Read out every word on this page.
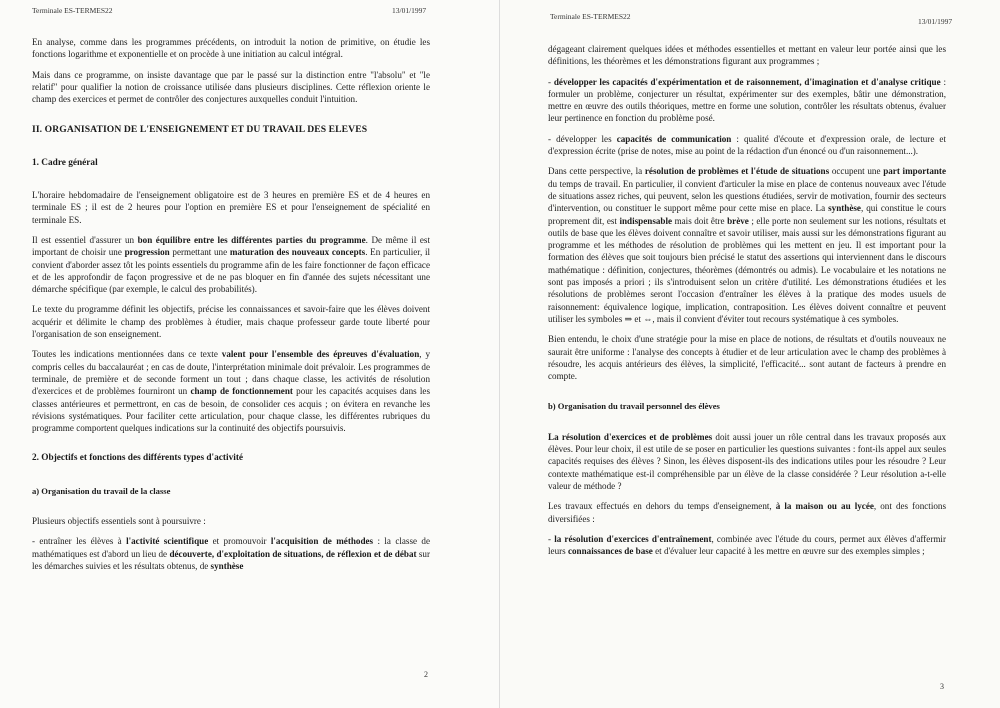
Terminale ES-TERMES22	13/01/1997

En analyse, comme dans les programmes précédents, on introduit la notion de primitive, on étudie les fonctions logarithme et exponentielle et on procède à une initiation au calcul intégral.

Mais dans ce programme, on insiste davantage que par le passé sur la distinction entre "l'absolu" et "le relatif" pour qualifier la notion de croissance utilisée dans plusieurs disciplines. Cette réflexion oriente le champ des exercices et permet de contrôler des conjectures auxquelles conduit l'intuition.

II. ORGANISATION DE L'ENSEIGNEMENT ET DU TRAVAIL DES ELEVES
1. Cadre général

L'horaire hebdomadaire de l'enseignement obligatoire est de 3 heures en première ES et de 4 heures en terminale ES ; il est de 2 heures pour l'option en première ES et pour l'enseignement de spécialité en terminale ES.

Il est essentiel d'assurer un bon équilibre entre les différentes parties du programme. De même il est important de choisir une progression permettant une maturation des nouveaux concepts. En particulier, il convient d'aborder assez tôt les points essentiels du programme afin de les faire fonctionner de façon efficace et de les approfondir de façon progressive et de ne pas bloquer en fin d'année des sujets nécessitant une démarche spécifique (par exemple, le calcul des probabilités).

Le texte du programme définit les objectifs, précise les connaissances et savoir-faire que les élèves doivent acquérir et délimite le champ des problèmes à étudier, mais chaque professeur garde toute liberté pour l'organisation de son enseignement.

Toutes les indications mentionnées dans ce texte valent pour l'ensemble des épreuves d'évaluation, y compris celles du baccalauréat ; en cas de doute, l'interprétation minimale doit prévaloir. Les programmes de terminale, de première et de seconde forment un tout ; dans chaque classe, les activités de résolution d'exercices et de problèmes fourniront un champ de fonctionnement pour les capacités acquises dans les classes antérieures et permettront, en cas de besoin, de consolider ces acquis ; on évitera en revanche les révisions systématiques. Pour faciliter cette articulation, pour chaque classe, les différentes rubriques du programme comportent quelques indications sur la continuité des objectifs poursuivis.

2. Objectifs et fonctions des différents types d'activité
a) Organisation du travail de la classe

Plusieurs objectifs essentiels sont à poursuivre :

- entraîner les élèves à l'activité scientifique et promouvoir l'acquisition de méthodes : la classe de mathématiques est d'abord un lieu de découverte, d'exploitation de situations, de réflexion et de débat sur les démarches suivies et les résultats obtenus, de synthèse

2
Terminale ES-TERMES22
13/01/1997

dégageant clairement quelques idées et méthodes essentielles et mettant en valeur leur portée ainsi que les définitions, les théorèmes et les démonstrations figurant aux programmes ;

- développer les capacités d'expérimentation et de raisonnement, d'imagination et d'analyse critique : formuler un problème, conjecturer un résultat, expérimenter sur des exemples, bâtir une démonstration, mettre en œuvre des outils théoriques, mettre en forme une solution, contrôler les résultats obtenus, évaluer leur pertinence en fonction du problème posé.

- développer les capacités de communication : qualité d'écoute et d'expression orale, de lecture et d'expression écrite (prise de notes, mise au point de la rédaction d'un énoncé ou d'un raisonnement...).

Dans cette perspective, la résolution de problèmes et l'étude de situations occupent une part importante du temps de travail. En particulier, il convient d'articuler la mise en place de contenus nouveaux avec l'étude de situations assez riches, qui peuvent, selon les questions étudiées, servir de motivation, fournir des secteurs d'intervention, ou constituer le support même pour cette mise en place. La synthèse, qui constitue le cours proprement dit, est indispensable mais doit être brève ; elle porte non seulement sur les notions, résultats et outils de base que les élèves doivent connaître et savoir utiliser, mais aussi sur les démonstrations figurant au programme et les méthodes de résolution de problèmes qui les mettent en jeu. Il est important pour la formation des élèves que soit toujours bien précisé le statut des assertions qui interviennent dans le discours mathématique : définition, conjectures, théorèmes (démontrés ou admis). Le vocabulaire et les notations ne sont pas imposés a priori ; ils s'introduisent selon un critère d'utilité. Les démonstrations étudiées et les résolutions de problèmes seront l'occasion d'entraîner les élèves à la pratique des modes usuels de raisonnement: équivalence logique, implication, contraposition. Les élèves doivent connaître et peuvent utiliser les symboles ⇒ et ⇔, mais il convient d'éviter tout recours systématique à ces symboles.

Bien entendu, le choix d'une stratégie pour la mise en place de notions, de résultats et d'outils nouveaux ne saurait être uniforme : l'analyse des concepts à étudier et de leur articulation avec le champ des problèmes à résoudre, les acquis antérieurs des élèves, la simplicité, l'efficacité... sont autant de facteurs à prendre en compte.

b) Organisation du travail personnel des élèves

La résolution d'exercices et de problèmes doit aussi jouer un rôle central dans les travaux proposés aux élèves. Pour leur choix, il est utile de se poser en particulier les questions suivantes : font-ils appel aux seules capacités requises des élèves ? Sinon, les élèves disposent-ils des indications utiles pour les résoudre ? Leur contexte mathématique est-il compréhensible par un élève de la classe considérée ? Leur résolution a-t-elle valeur de méthode ?

Les travaux effectués en dehors du temps d'enseignement, à la maison ou au lycée, ont des fonctions diversifiées :

- la résolution d'exercices d'entraînement, combinée avec l'étude du cours, permet aux élèves d'affermir leurs connaissances de base et d'évaluer leur capacité à les mettre en œuvre sur des exemples simples ;

3
